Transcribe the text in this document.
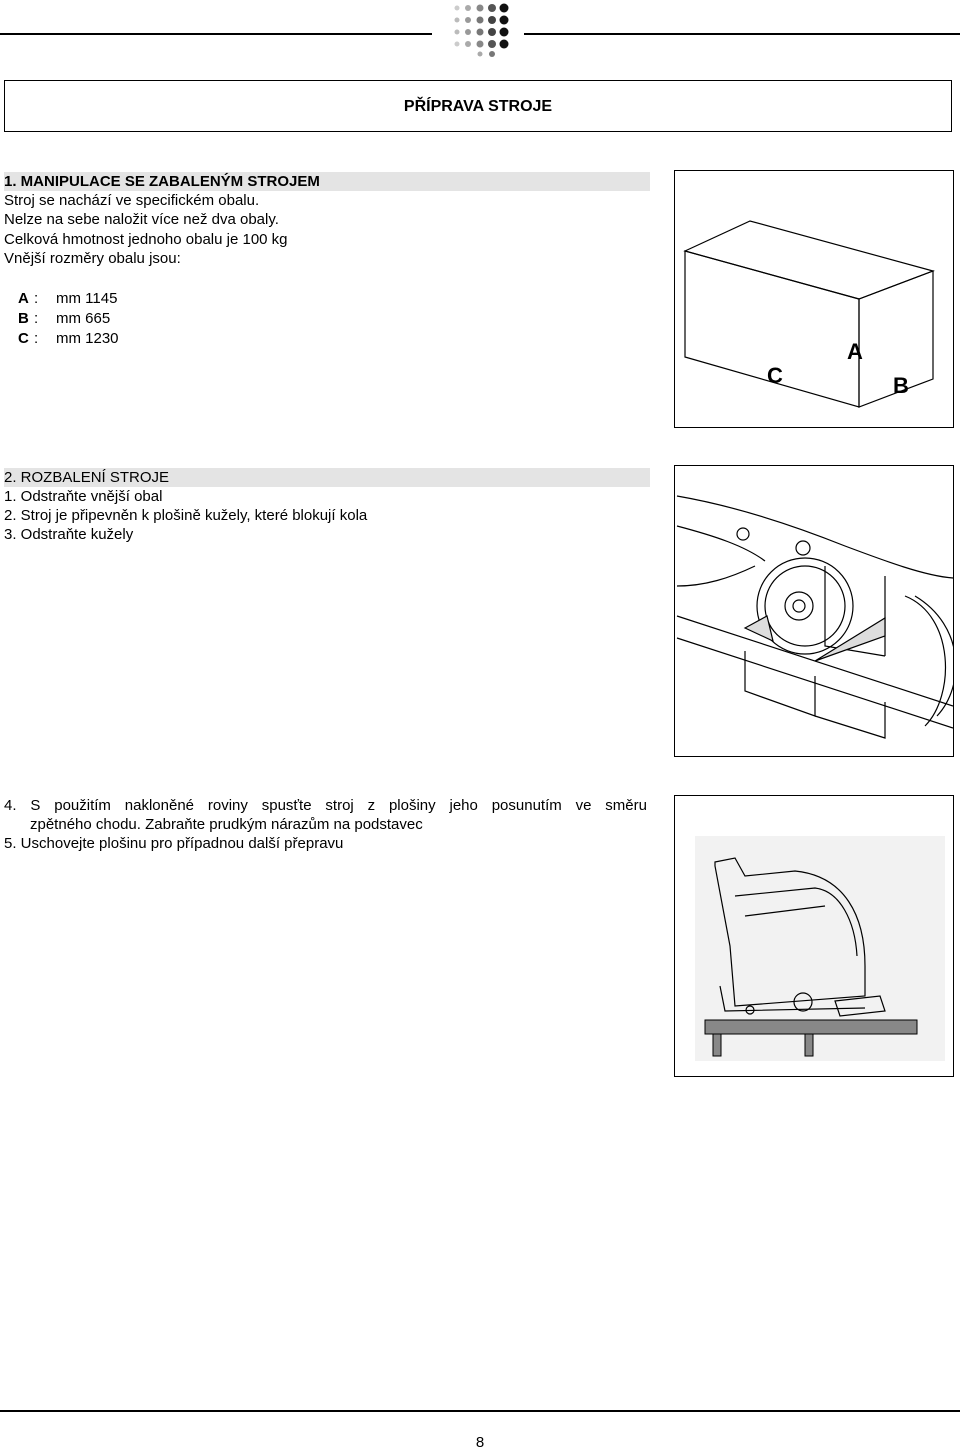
PŘÍPRAVA STROJE
1. MANIPULACE SE ZABALENÝM STROJEM
Stroj se nachází ve specifickém obalu.
Nelze na sebe naložit více než dva obaly.
Celková hmotnost jednoho obalu je 100 kg
Vnější rozměry obalu jsou:
A : mm 1145
B : mm 665
C : mm 1230
C
A
B
2. ROZBALENÍ STROJE
1. Odstraňte vnější obal
2. Stroj je připevněn k plošině kužely, které blokují kola
3. Odstraňte kužely
4. S použitím nakloněné roviny spusťte stroj z plošiny jeho posunutím ve směru
zpětného chodu. Zabraňte prudkým nárazům na podstavec
5. Uschovejte plošinu pro případnou další přepravu
8
